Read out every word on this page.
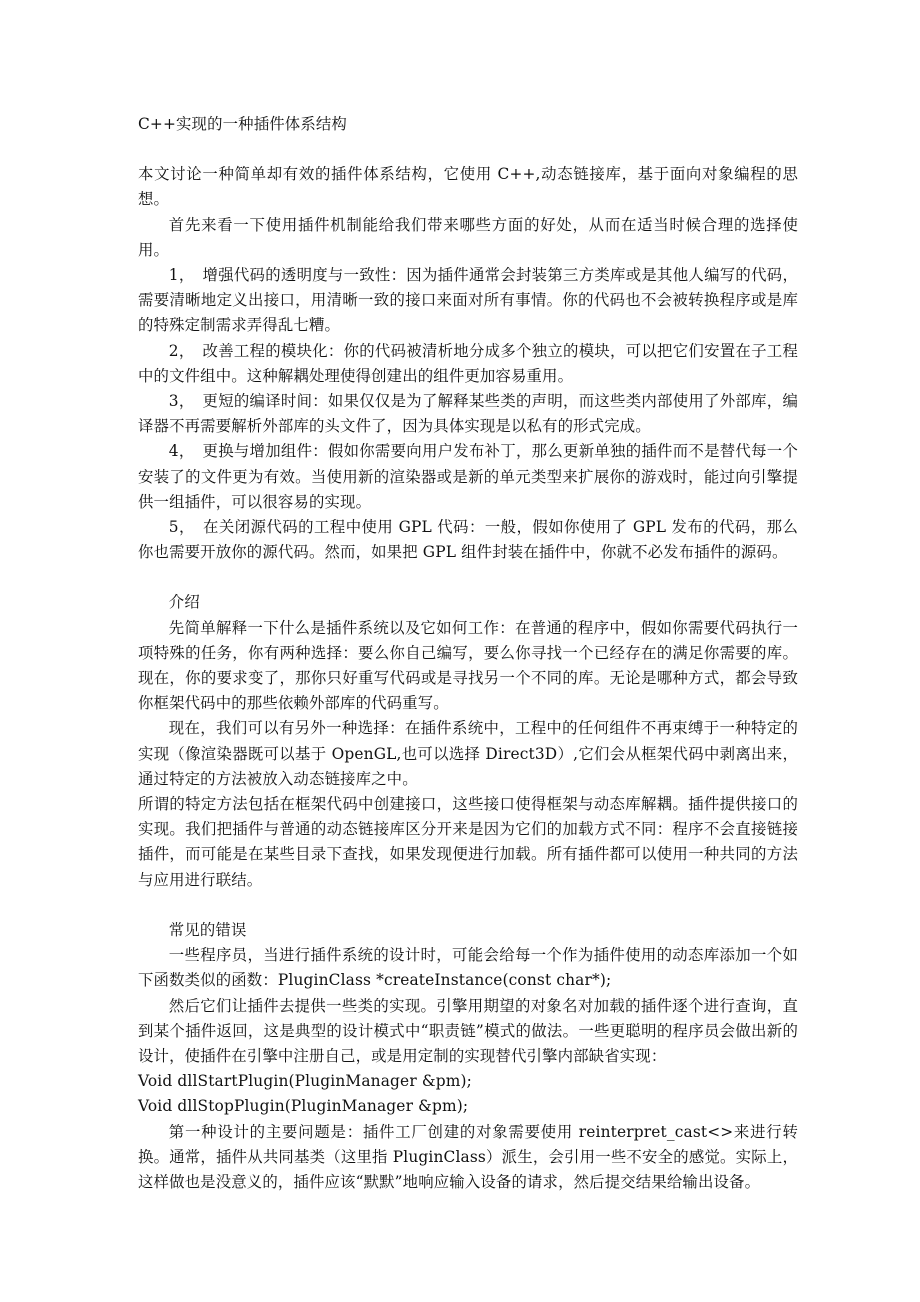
C++实现的一种插件体系结构

本文讨论一种简单却有效的插件体系结构，它使用 C++,动态链接库，基于面向对象编程的思想。

首先来看一下使用插件机制能给我们带来哪些方面的好处，从而在适当时候合理的选择使用。

1，　增强代码的透明度与一致性：因为插件通常会封装第三方类库或是其他人编写的代码，需要清晰地定义出接口，用清晰一致的接口来面对所有事情。你的代码也不会被转换程序或是库的特殊定制需求弄得乱七糟。

2，　改善工程的模块化：你的代码被清析地分成多个独立的模块，可以把它们安置在子工程中的文件组中。这种解耦处理使得创建出的组件更加容易重用。

3，　更短的编译时间：如果仅仅是为了解释某些类的声明，而这些类内部使用了外部库，编译器不再需要解析外部库的头文件了，因为具体实现是以私有的形式完成。

4，　更换与增加组件：假如你需要向用户发布补丁，那么更新单独的插件而不是替代每一个安装了的文件更为有效。当使用新的渲染器或是新的单元类型来扩展你的游戏时，能过向引擎提供一组插件，可以很容易的实现。

5，　在关闭源代码的工程中使用 GPL 代码：一般，假如你使用了 GPL 发布的代码，那么你也需要开放你的源代码。然而，如果把 GPL 组件封装在插件中，你就不必发布插件的源码。

介绍

先简单解释一下什么是插件系统以及它如何工作：在普通的程序中，假如你需要代码执行一项特殊的任务，你有两种选择：要么你自己编写，要么你寻找一个已经存在的满足你需要的库。现在，你的要求变了，那你只好重写代码或是寻找另一个不同的库。无论是哪种方式，都会导致你框架代码中的那些依赖外部库的代码重写。

现在，我们可以有另外一种选择：在插件系统中，工程中的任何组件不再束缚于一种特定的实现（像渲染器既可以基于 OpenGL,也可以选择 Direct3D）,它们会从框架代码中剥离出来，通过特定的方法被放入动态链接库之中。

所谓的特定方法包括在框架代码中创建接口，这些接口使得框架与动态库解耦。插件提供接口的实现。我们把插件与普通的动态链接库区分开来是因为它们的加载方式不同：程序不会直接链接插件，而可能是在某些目录下查找，如果发现便进行加载。所有插件都可以使用一种共同的方法与应用进行联结。

常见的错误

一些程序员，当进行插件系统的设计时，可能会给每一个作为插件使用的动态库添加一个如下函数类似的函数：PluginClass *createInstance(const char*);

然后它们让插件去提供一些类的实现。引擎用期望的对象名对加载的插件逐个进行查询，直到某个插件返回，这是典型的设计模式中“职责链”模式的做法。一些更聪明的程序员会做出新的设计，使插件在引擎中注册自己，或是用定制的实现替代引擎内部缺省实现：

Void dllStartPlugin(PluginManager &pm);

Void dllStopPlugin(PluginManager &pm);

第一种设计的主要问题是：插件工厂创建的对象需要使用 reinterpret_cast<>来进行转换。通常，插件从共同基类（这里指 PluginClass）派生，会引用一些不安全的感觉。实际上，这样做也是没意义的，插件应该“默默”地响应输入设备的请求，然后提交结果给输出设备。
